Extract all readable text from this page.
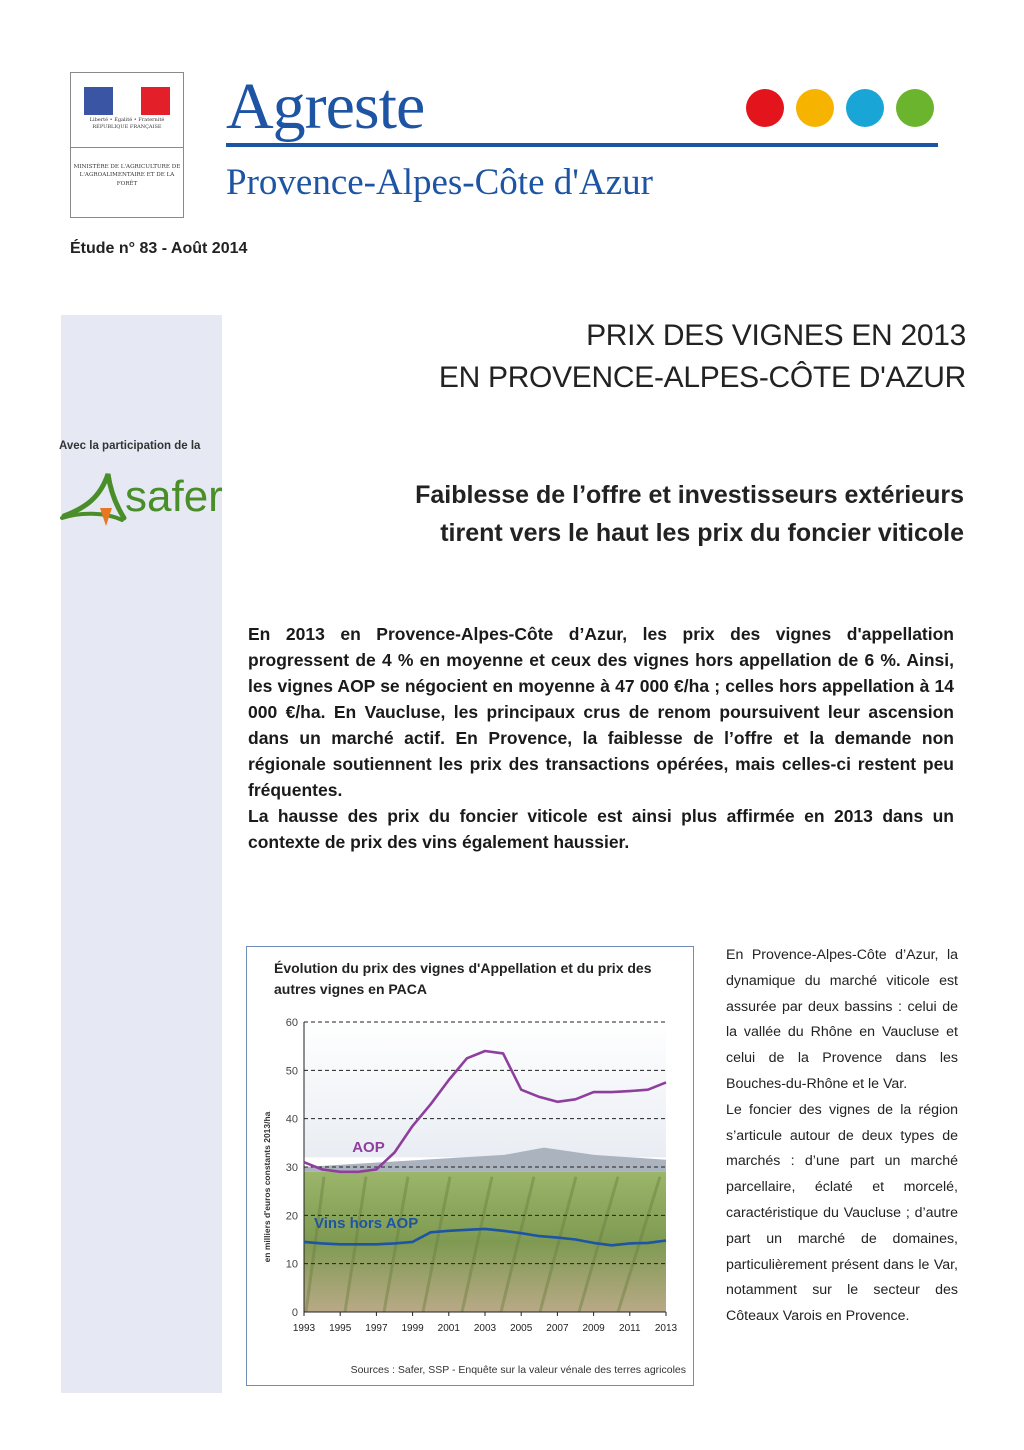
Liberté • Égalité • Fraternité
RÉPUBLIQUE FRANÇAISE
MINISTÈRE DE L'AGRICULTURE DE L'AGROALIMENTAIRE ET DE LA FORÊT
Agreste
Provence-Alpes-Côte d'Azur
Étude n° 83 - Août 2014
Avec la participation de la
safer
PRIX DES VIGNES EN 2013
EN PROVENCE-ALPES-CÔTE D'AZUR
Faiblesse de l’offre et investisseurs extérieurs
tirent vers le haut les prix du foncier viticole

En 2013 en Provence-Alpes-Côte d’Azur, les prix des vignes d'appellation progressent de 4 % en moyenne et ceux des vignes hors appellation de 6 %. Ainsi, les vignes AOP se négocient en moyenne à 47 000 €/ha ; celles hors appellation à 14 000 €/ha. En Vaucluse, les principaux crus de renom poursuivent leur ascension dans un marché actif. En Provence, la faiblesse de l’offre et la demande non régionale soutiennent les prix des transactions opérées, mais celles-ci restent peu fréquentes.

La hausse des prix du foncier viticole est ainsi plus affirmée en 2013 dans un contexte de prix des vins également haussier.

Évolution du prix des vignes d'Appellation et du prix des autres vignes en PACA
0
10
20
30
40
50
60
1993 1995 1997 1999 2001 2003 2005 2007 2009 2011 2013
AOP
Vins hors AOP
en milliers d'euros constants 2013/ha
Sources : Safer, SSP - Enquête sur la valeur vénale des terres agricoles

En Provence-Alpes-Côte d’Azur, la dynamique du marché viticole est assurée par deux bassins : celui de la vallée du Rhône en Vaucluse et celui de la Provence dans les Bouches-du-Rhône et le Var.

Le foncier des vignes de la région s’articule autour de deux types de marchés : d’une part un marché parcellaire, éclaté et morcelé, caractéristique du Vaucluse ; d’autre part un marché de domaines, particulièrement présent dans le Var, notamment sur le secteur des Côteaux Varois en Provence.
